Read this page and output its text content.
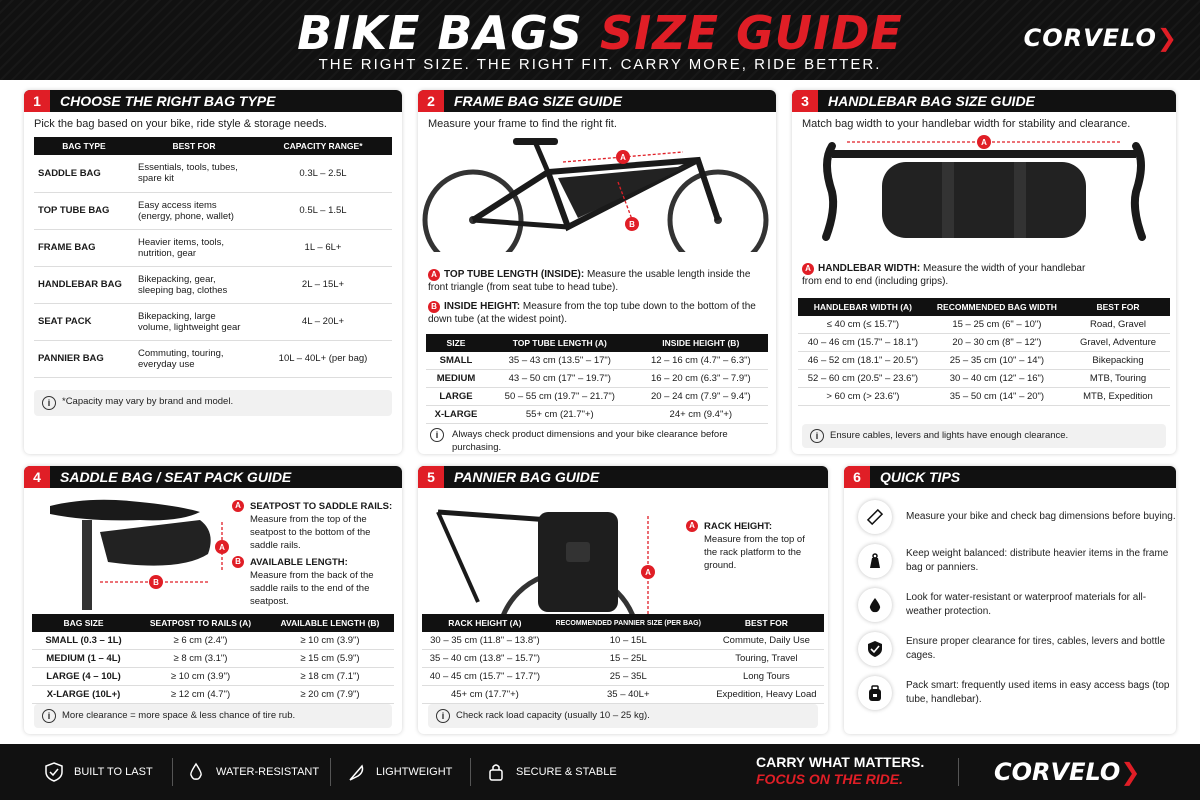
BIKE BAGS SIZE GUIDE
THE RIGHT SIZE. THE RIGHT FIT. CARRY MORE, RIDE BETTER.
CORVELO❯
1	CHOOSE THE RIGHT BAG TYPE
Pick the bag based on your bike, ride style & storage needs.
BAG TYPE	BEST FOR	CAPACITY RANGE*
SADDLE BAG	Essentials, tools, tubes, spare kit	0.3L – 2.5L
TOP TUBE BAG	Easy access items (energy, phone, wallet)	0.5L – 1.5L
FRAME BAG	Heavier items, tools, nutrition, gear	1L – 6L+
HANDLEBAR BAG	Bikepacking, gear, sleeping bag, clothes	2L – 15L+
SEAT PACK	Bikepacking, large volume, lightweight gear	4L – 20L+
PANNIER BAG	Commuting, touring, everyday use	10L – 40L+ (per bag)
i	*Capacity may vary by brand and model.
2	FRAME BAG SIZE GUIDE
Measure your frame to find the right fit.
A
B
A TOP TUBE LENGTH (INSIDE): Measure the usable length inside the front triangle (from seat tube to head tube).
B INSIDE HEIGHT: Measure from the top tube down to the bottom of the down tube (at the widest point).
SIZE	TOP TUBE LENGTH (A)	INSIDE HEIGHT (B)
SMALL	35 – 43 cm (13.5" – 17")	12 – 16 cm (4.7" – 6.3")
MEDIUM	43 – 50 cm (17" – 19.7")	16 – 20 cm (6.3" – 7.9")
LARGE	50 – 55 cm (19.7" – 21.7")	20 – 24 cm (7.9" – 9.4")
X-LARGE	55+ cm (21.7"+)	24+ cm (9.4"+)
i	Always check product dimensions and your bike clearance before purchasing.
3	HANDLEBAR BAG SIZE GUIDE
Match bag width to your handlebar width for stability and clearance.
A
A HANDLEBAR WIDTH: Measure the width of your handlebar from end to end (including grips).
HANDLEBAR WIDTH (A)	RECOMMENDED BAG WIDTH	BEST FOR
≤ 40 cm (≤ 15.7")	15 – 25 cm (6" – 10")	Road, Gravel
40 – 46 cm (15.7" – 18.1")	20 – 30 cm (8" – 12")	Gravel, Adventure
46 – 52 cm (18.1" – 20.5")	25 – 35 cm (10" – 14")	Bikepacking
52 – 60 cm (20.5" – 23.6")	30 – 40 cm (12" – 16")	MTB, Touring
> 60 cm (> 23.6")	35 – 50 cm (14" – 20")	MTB, Expedition
i	Ensure cables, levers and lights have enough clearance.
4	SADDLE BAG / SEAT PACK GUIDE
A
B
A SEATPOST TO SADDLE RAILS:
Measure from the top of the seatpost to the bottom of the saddle rails.
B AVAILABLE LENGTH:
Measure from the back of the saddle rails to the end of the seatpost.
BAG SIZE	SEATPOST TO RAILS (A)	AVAILABLE LENGTH (B)
SMALL (0.3 – 1L)	≥ 6 cm (2.4")	≥ 10 cm (3.9")
MEDIUM (1 – 4L)	≥ 8 cm (3.1")	≥ 15 cm (5.9")
LARGE (4 – 10L)	≥ 10 cm (3.9")	≥ 18 cm (7.1")
X-LARGE (10L+)	≥ 12 cm (4.7")	≥ 20 cm (7.9")
i	More clearance = more space & less chance of tire rub.
5	PANNIER BAG GUIDE
A
A RACK HEIGHT:
Measure from the top of the rack platform to the ground.
RACK HEIGHT (A)	RECOMMENDED PANNIER SIZE (PER BAG)	BEST FOR
30 – 35 cm (11.8" – 13.8")	10 – 15L	Commute, Daily Use
35 – 40 cm (13.8" – 15.7")	15 – 25L	Touring, Travel
40 – 45 cm (15.7" – 17.7")	25 – 35L	Long Tours
45+ cm (17.7"+)	35 – 40L+	Expedition, Heavy Load
i	Check rack load capacity (usually 10 – 25 kg).
6	QUICK TIPS
Measure your bike and check bag dimensions before buying.
Keep weight balanced: distribute heavier items in the frame bag or panniers.
Look for water-resistant or waterproof materials for all-weather protection.
Ensure proper clearance for tires, cables, levers and bottle cages.
Pack smart: frequently used items in easy access bags (top tube, handlebar).
BUILT TO LAST	WATER-RESISTANT	LIGHTWEIGHT	SECURE & STABLE
CARRY WHAT MATTERS.
FOCUS ON THE RIDE.	CORVELO❯
